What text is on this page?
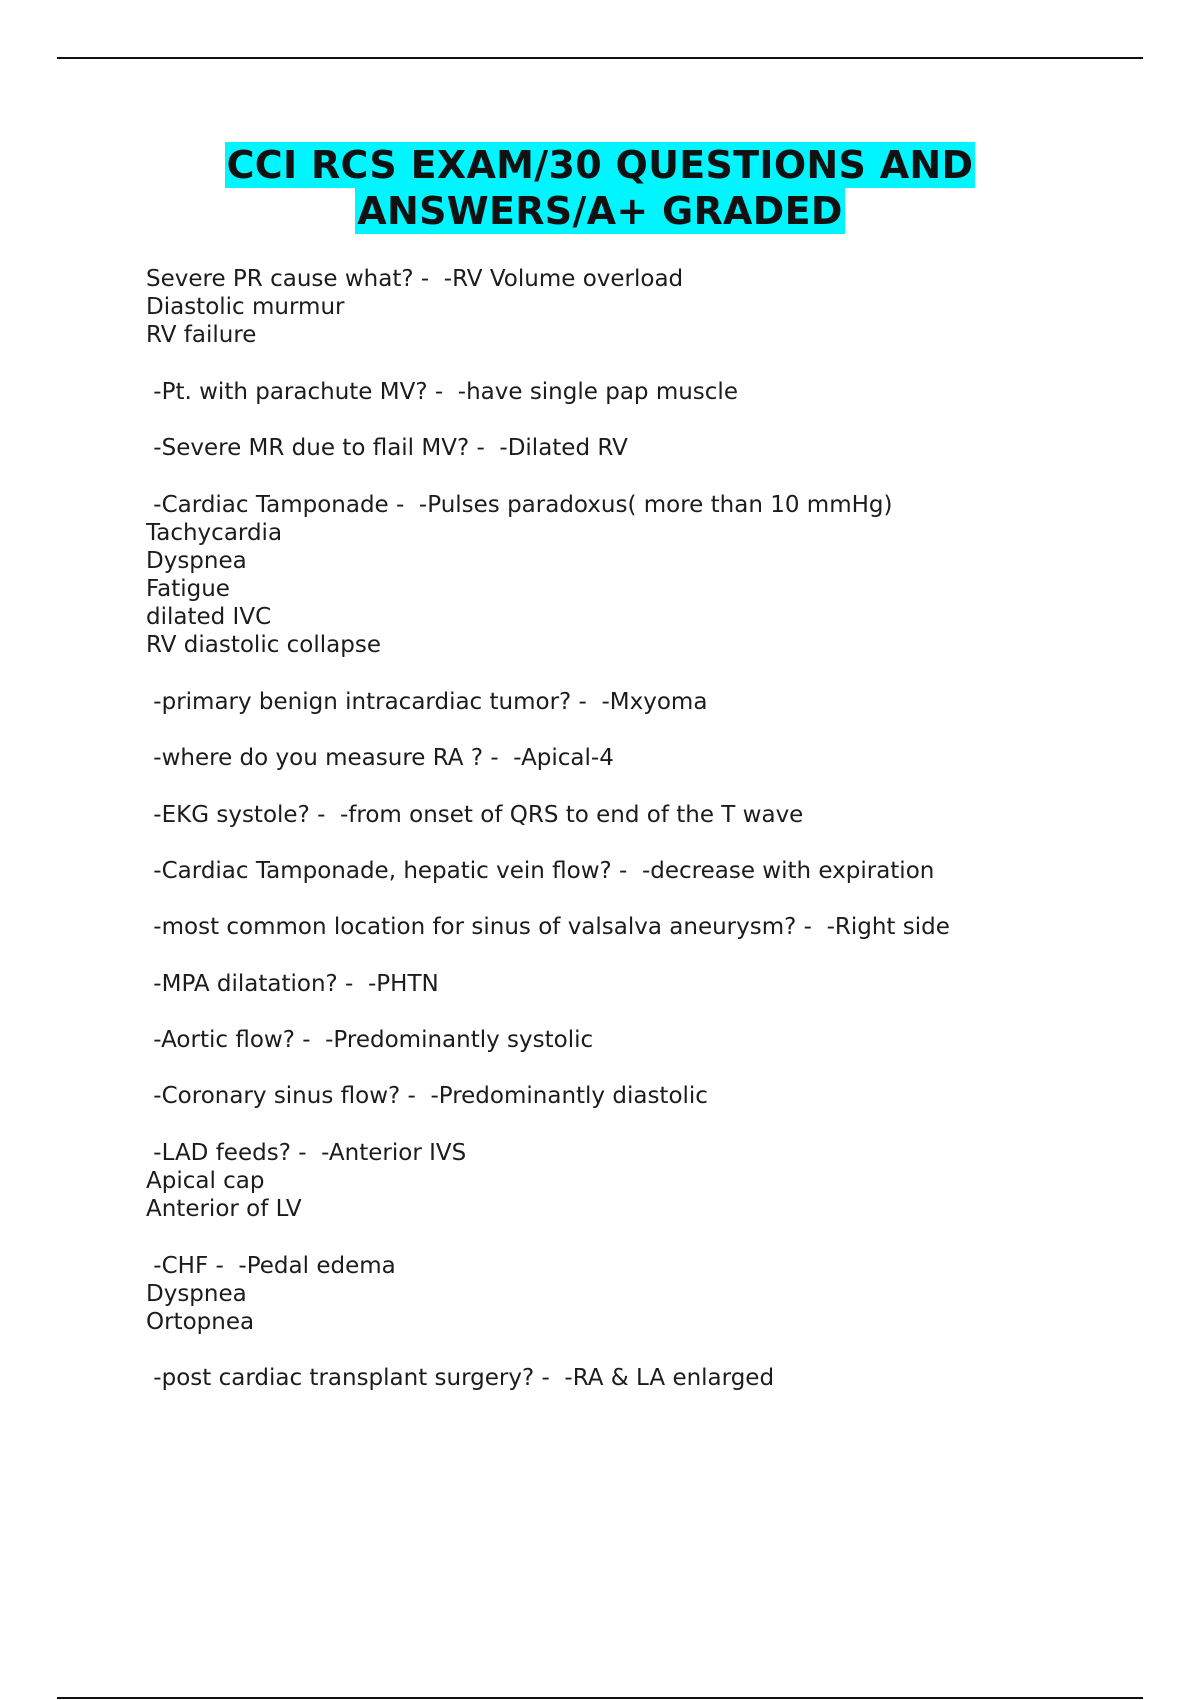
CCI RCS EXAM/30 QUESTIONS AND
ANSWERS/A+ GRADED
Severe PR cause what? -  -RV Volume overload
Diastolic murmur
RV failure
-Pt. with parachute MV? -  -have single pap muscle
-Severe MR due to flail MV? -  -Dilated RV
-Cardiac Tamponade -  -Pulses paradoxus( more than 10 mmHg)
Tachycardia
Dyspnea
Fatigue
dilated IVC
RV diastolic collapse
-primary benign intracardiac tumor? -  -Mxyoma
-where do you measure RA ? -  -Apical-4
-EKG systole? -  -from onset of QRS to end of the T wave
-Cardiac Tamponade, hepatic vein flow? -  -decrease with expiration
-most common location for sinus of valsalva aneurysm? -  -Right side
-MPA dilatation? -  -PHTN
-Aortic flow? -  -Predominantly systolic
-Coronary sinus flow? -  -Predominantly diastolic
-LAD feeds? -  -Anterior IVS
Apical cap
Anterior of LV
-CHF -  -Pedal edema
Dyspnea
Ortopnea
-post cardiac transplant surgery? -  -RA & LA enlarged
